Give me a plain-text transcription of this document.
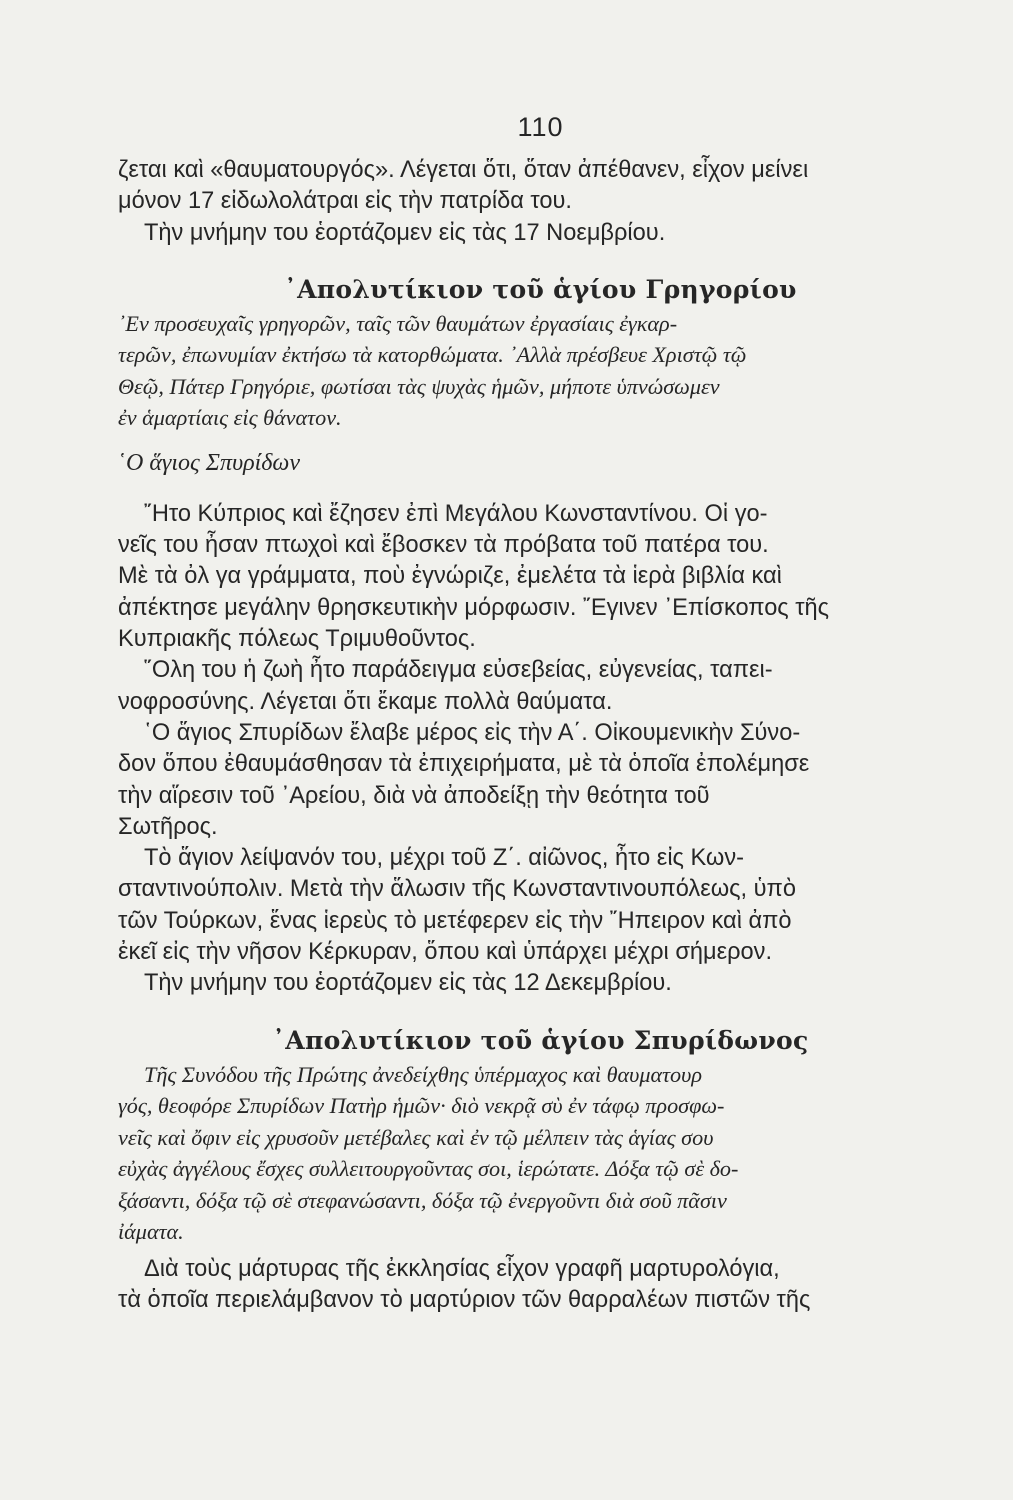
110

ζεται καὶ «θαυματουργός». Λέγεται ὅτι, ὅταν ἀπέθανεν, εἶχον μείνει

μόνον 17 εἰδωλολάτραι εἰς τὴν πατρίδα του.

Τὴν μνήμην του ἑορτάζομεν εἰς τὰς 17 Νοεμβρίου.

᾿Απολυτίκιον τοῦ ἁγίου Γρηγορίου
᾿Εν προσευχαῖς γρηγορῶν, ταῖς τῶν θαυμάτων ἐργασίαις ἐγκαρ-
τερῶν, ἐπωνυμίαν ἐκτήσω τὰ κατορθώματα. ᾿Αλλὰ πρέσβευε Χριστῷ τῷ
Θεῷ, Πάτερ Γρηγόριε, φωτίσαι τὰς ψυχὰς ἡμῶν, μήποτε ὑπνώσωμεν
ἐν ἁμαρτίαις εἰς θάνατον.
῾Ο ἅγιος Σπυρίδων

῎Ητο Κύπριος καὶ ἔζησεν ἐπὶ Μεγάλου Κωνσταντίνου. Οἱ γο-

νεῖς του ἦσαν πτωχοὶ καὶ ἔβοσκεν τὰ πρόβατα τοῦ πατέρα του.

Μὲ τὰ ὀλ γα γράμματα, ποὺ ἐγνώριζε, ἐμελέτα τὰ ἱερὰ βιβλία καὶ

ἀπέκτησε μεγάλην θρησκευτικὴν μόρφωσιν. ῎Εγινεν ᾿Επίσκοπος τῆς

Κυπριακῆς πόλεως Τριμυθοῦντος.

῞Ολη του ἡ ζωὴ ἦτο παράδειγμα εὐσεβείας, εὐγενείας, ταπει-

νοφροσύνης. Λέγεται ὅτι ἔκαμε πολλὰ θαύματα.

῾Ο ἅγιος Σπυρίδων ἔλαβε μέρος εἰς τὴν Α΄. Οἰκουμενικὴν Σύνο-

δον ὅπου ἐθαυμάσθησαν τὰ ἐπιχειρήματα, μὲ τὰ ὁποῖα ἐπολέμησε

τὴν αἵρεσιν τοῦ ᾿Αρείου, διὰ νὰ ἀποδείξῃ τὴν θεότητα τοῦ

Σωτῆρος.

Τὸ ἅγιον λείψανόν του, μέχρι τοῦ Ζ΄. αἰῶνος, ἦτο εἰς Κων-

σταντινούπολιν. Μετὰ τὴν ἅλωσιν τῆς Κωνσταντινουπόλεως, ὑπὸ

τῶν Τούρκων, ἕνας ἱερεὺς τὸ μετέφερεν εἰς τὴν ῎Ηπειρον καὶ ἀπὸ

ἐκεῖ εἰς τὴν νῆσον Κέρκυραν, ὅπου καὶ ὑπάρχει μέχρι σήμερον.

Τὴν μνήμην του ἑορτάζομεν εἰς τὰς 12 Δεκεμβρίου.

᾿Απολυτίκιον τοῦ ἁγίου Σπυρίδωνος
Τῆς Συνόδου τῆς Πρώτης ἀνεδείχθης ὑπέρμαχος καὶ θαυματουρ
γός, θεοφόρε Σπυρίδων Πατὴρ ἡμῶν· διὸ νεκρᾷ σὺ ἐν τάφῳ προσφω-
νεῖς καὶ ὄφιν εἰς χρυσοῦν μετέβαλες καὶ ἐν τῷ μέλπειν τὰς ἁγίας σου
εὐχὰς ἀγγέλους ἔσχες συλλειτουργοῦντας σοι, ἱερώτατε. Δόξα τῷ σὲ δο-
ξάσαντι, δόξα τῷ σὲ στεφανώσαντι, δόξα τῷ ἐνεργοῦντι διὰ σοῦ πᾶσιν
ἰάματα.

Διὰ τοὺς μάρτυρας τῆς ἐκκλησίας εἶχον γραφῆ μαρτυρολόγια,

τὰ ὁποῖα περιελάμβανον τὸ μαρτύριον τῶν θαρραλέων πιστῶν τῆς
